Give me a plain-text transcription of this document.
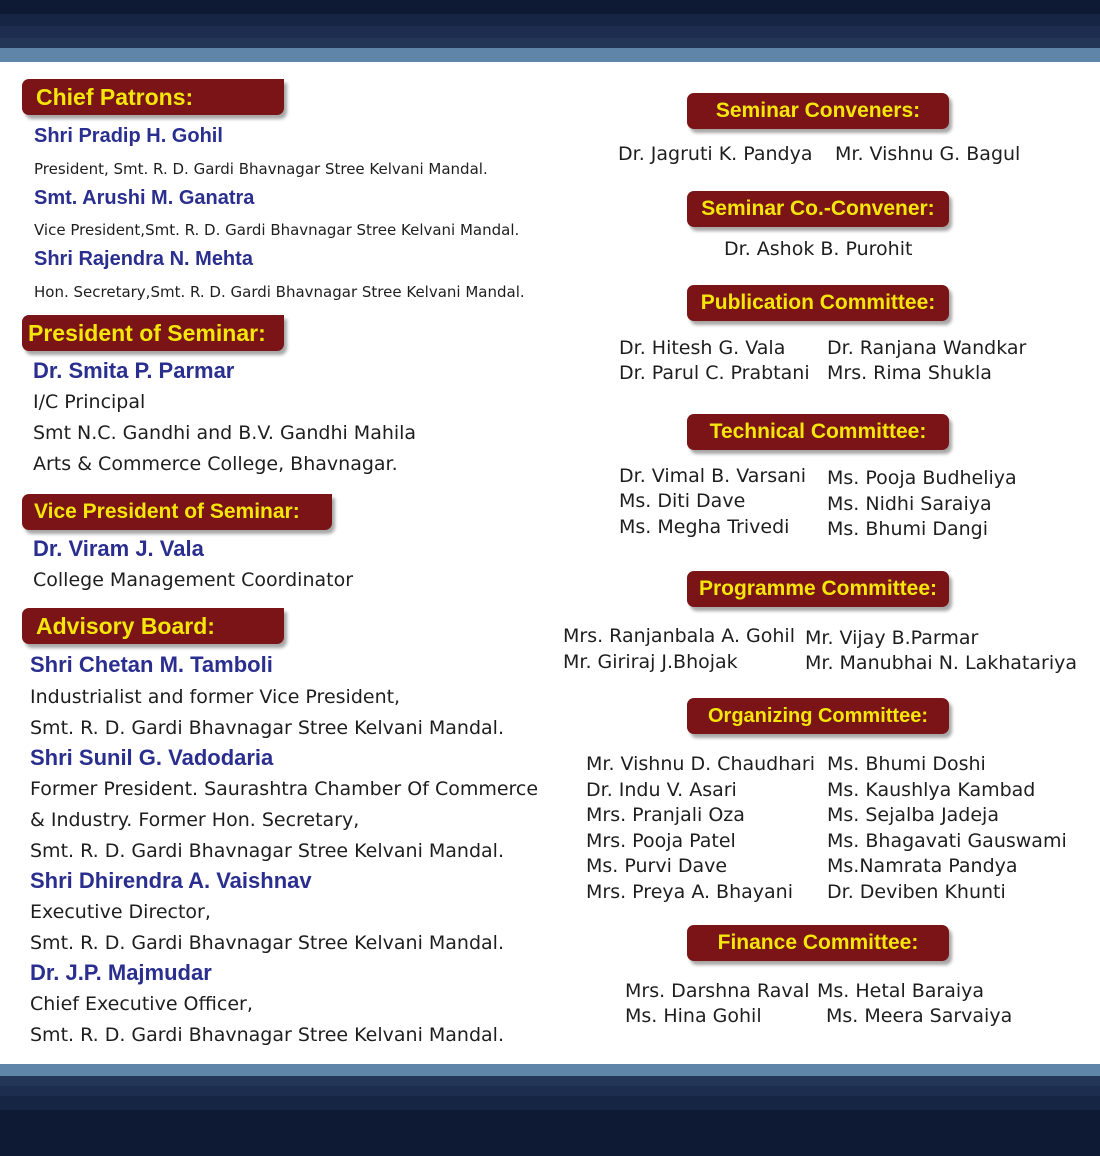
Chief Patrons:
Shri Pradip H. Gohil
President, Smt. R. D. Gardi Bhavnagar Stree Kelvani Mandal.
Smt. Arushi M. Ganatra
Vice President,Smt. R. D. Gardi Bhavnagar Stree Kelvani Mandal.
Shri Rajendra N. Mehta
Hon. Secretary,Smt. R. D. Gardi Bhavnagar Stree Kelvani Mandal.
President of Seminar:
Dr. Smita P. Parmar
I/C Principal
Smt N.C. Gandhi and B.V. Gandhi Mahila
Arts & Commerce College, Bhavnagar.
Vice President of Seminar:
Dr. Viram J. Vala
College Management Coordinator
Advisory Board:
Shri Chetan M. Tamboli
Industrialist and former Vice President,
Smt. R. D. Gardi Bhavnagar Stree Kelvani Mandal.
Shri Sunil G. Vadodaria
Former President. Saurashtra Chamber Of Commerce
& Industry. Former Hon. Secretary,
Smt. R. D. Gardi Bhavnagar Stree Kelvani Mandal.
Shri Dhirendra A. Vaishnav
Executive Director,
Smt. R. D. Gardi Bhavnagar Stree Kelvani Mandal.
Dr. J.P. Majmudar
Chief Executive Officer,
Smt. R. D. Gardi Bhavnagar Stree Kelvani Mandal.
Seminar Conveners:
Dr. Jagruti K. Pandya Mr. Vishnu G. Bagul
Seminar Co.-Convener:
Dr. Ashok B. Purohit
Publication Committee:
Dr. Hitesh G. Vala
Dr. Parul C. Prabtani
Dr. Ranjana Wandkar
Mrs. Rima Shukla
Technical Committee:
Dr. Vimal B. Varsani
Ms. Diti Dave
Ms. Megha Trivedi
Ms. Pooja Budheliya
Ms. Nidhi Saraiya
Ms. Bhumi Dangi
Programme Committee:
Mrs. Ranjanbala A. Gohil
Mr. Giriraj J.Bhojak
Mr. Vijay B.Parmar
Mr. Manubhai N. Lakhatariya
Organizing Committee:
Mr. Vishnu D. Chaudhari
Dr. Indu V. Asari
Mrs. Pranjali Oza
Mrs. Pooja Patel
Ms. Purvi Dave
Mrs. Preya A. Bhayani
Ms. Bhumi Doshi
Ms. Kaushlya Kambad
Ms. Sejalba Jadeja
Ms. Bhagavati Gauswami
Ms.Namrata Pandya
Dr. Deviben Khunti
Finance Committee:
Mrs. Darshna Raval
Ms. Hina Gohil
Ms. Hetal Baraiya
Ms. Meera Sarvaiya
